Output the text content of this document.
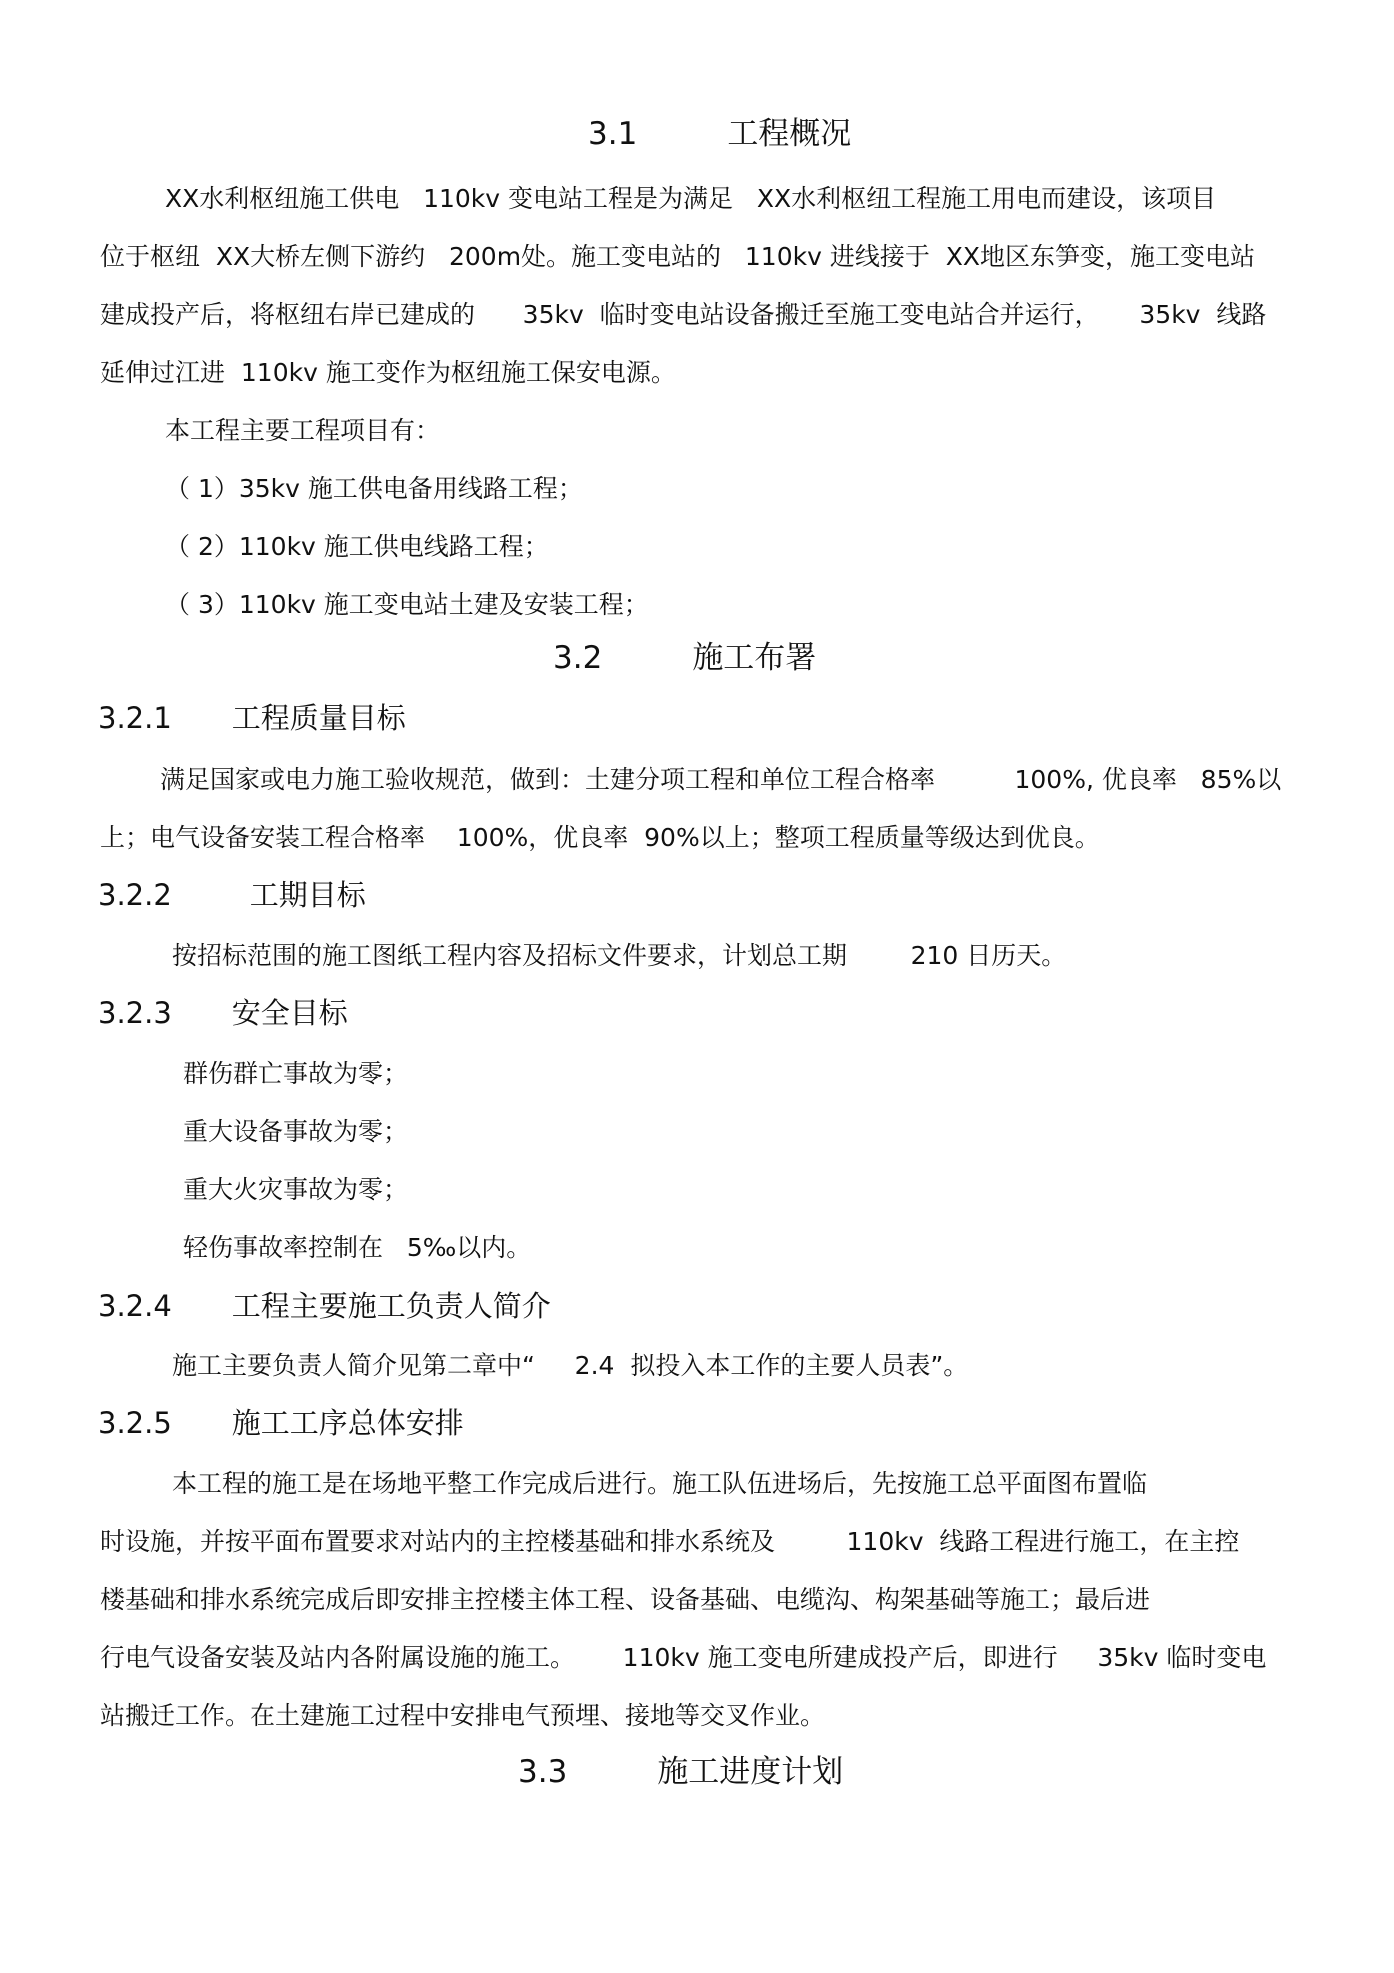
3.1	工程概况

XX水利枢纽施工供电   110kv 变电站工程是为满足   XX水利枢纽工程施工用电而建设，该项目

位于枢纽  XX大桥左侧下游约   200m处。施工变电站的   110kv 进线接于  XX地区东笋变，施工变电站

建成投产后，将枢纽右岸已建成的      35kv  临时变电站设备搬迁至施工变电站合并运行，     35kv  线路

延伸过江进  110kv 施工变作为枢纽施工保安电源。

本工程主要工程项目有：

（ 1）35kv 施工供电备用线路工程；

（ 2）110kv 施工供电线路工程；

（ 3）110kv 施工变电站土建及安装工程；

3.2	施工布署
3.2.1 工程质量目标

满足国家或电力施工验收规范，做到：土建分项工程和单位工程合格率          100%, 优良率   85%以

上；电气设备安装工程合格率    100%，优良率  90%以上；整项工程质量等级达到优良。

3.2.2	工期目标

按招标范围的施工图纸工程内容及招标文件要求，计划总工期        210 日历天。

3.2.3 安全目标

群伤群亡事故为零；

重大设备事故为零；

重大火灾事故为零；

轻伤事故率控制在   5‰以内。

3.2.4 工程主要施工负责人简介

施工主要负责人简介见第二章中“     2.4  拟投入本工作的主要人员表”。

3.2.5 施工工序总体安排

本工程的施工是在场地平整工作完成后进行。施工队伍进场后，先按施工总平面图布置临

时设施，并按平面布置要求对站内的主控楼基础和排水系统及         110kv  线路工程进行施工，在主控

楼基础和排水系统完成后即安排主控楼主体工程、设备基础、电缆沟、构架基础等施工；最后进

行电气设备安装及站内各附属设施的施工。      110kv 施工变电所建成投产后，即进行     35kv 临时变电

站搬迁工作。在土建施工过程中安排电气预埋、接地等交叉作业。

3.3	施工进度计划
